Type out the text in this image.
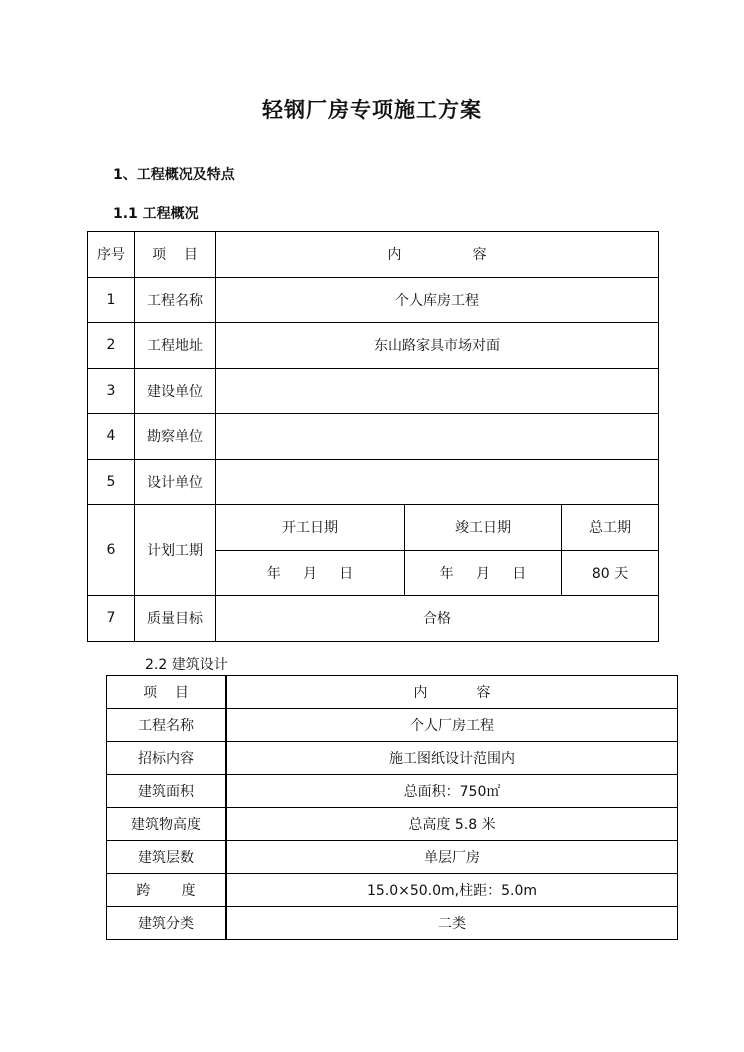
轻钢厂房专项施工方案
1、工程概况及特点
1.1 工程概况
序号	项    目	内                容		
1	工程名称	个人库房工程		
2	工程地址	东山路家具市场对面		
3	建设单位			
4	勘察单位			
5	设计单位			
6	计划工期	开工日期	竣工日期	总工期
		年     月     日	年     月     日	80 天
7	质量目标	合格		
2.2 建筑设计
项    目	内           容
工程名称	个人厂房工程
招标内容	施工图纸设计范围内
建筑面积	总面积：750㎡
建筑物高度	总高度 5.8 米
建筑层数	单层厂房
跨       度	15.0×50.0m,柱距：5.0m
建筑分类	二类
